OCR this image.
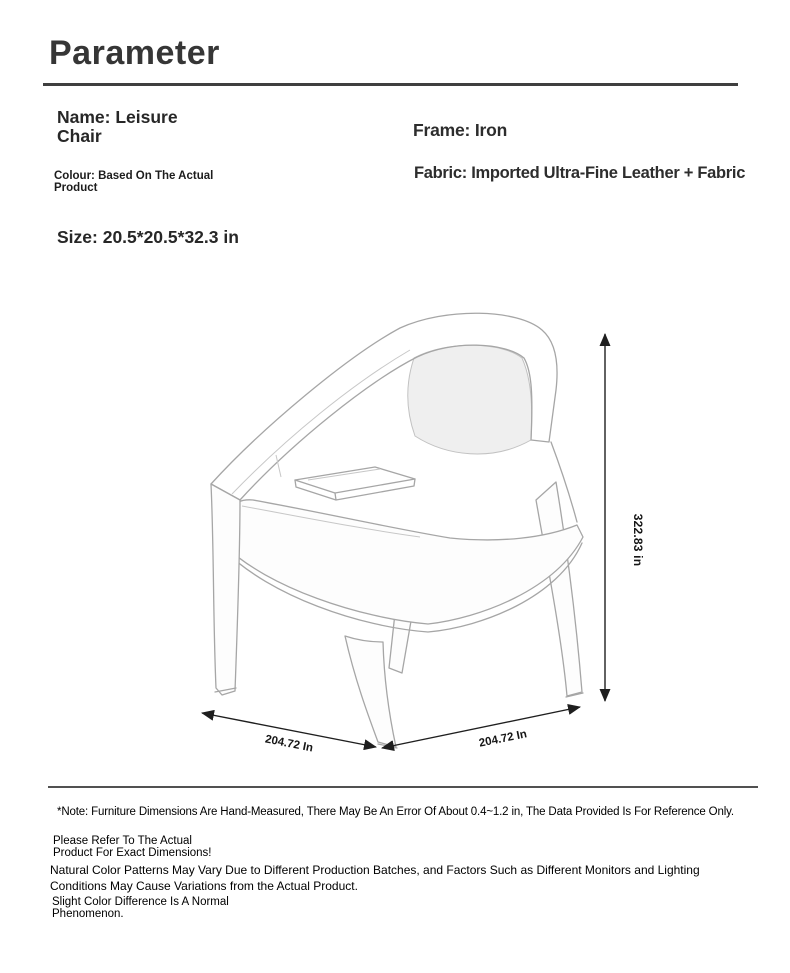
Parameter
Name: Leisure Chair	Frame: Iron
Colour: Based On The Actual Product
Fabric: Imported Ultra-Fine Leather + Fabric
Size: 20.5*20.5*32.3 in
322.83 in
204.72 In	204.72 In
*Note: Furniture Dimensions Are Hand-Measured, There May Be An Error Of About 0.4~1.2 in, The Data Provided Is For Reference Only.
Please Refer To The Actual Product For Exact Dimensions!
Natural Color Patterns May Vary Due to Different Production Batches, and Factors Such as Different Monitors and Lighting Conditions May Cause Variations from the Actual Product.
Slight Color Difference Is A Normal Phenomenon.
